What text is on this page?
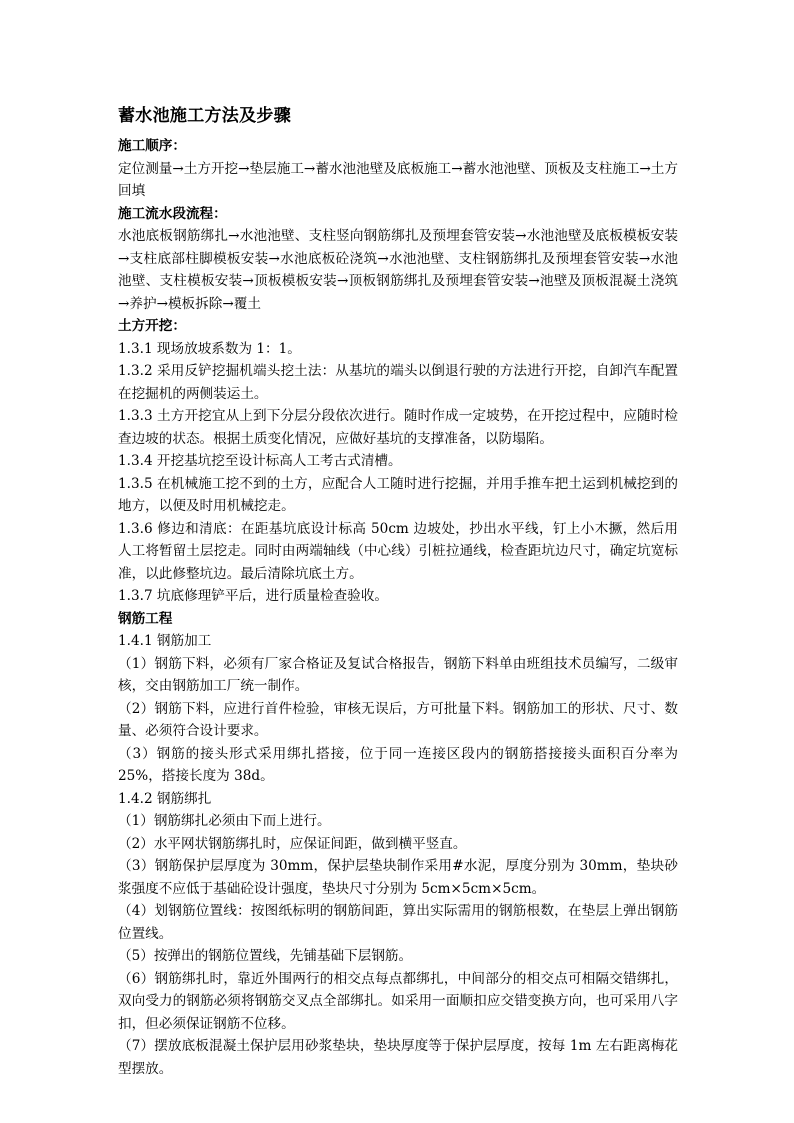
蓄水池施工方法及步骤
施工顺序：
定位测量→土方开挖→垫层施工→蓄水池池壁及底板施工→蓄水池池壁、顶板及支柱施工→土方回填
施工流水段流程：
水池底板钢筋绑扎→水池池壁、支柱竖向钢筋绑扎及预埋套管安装→水池池壁及底板模板安装→支柱底部柱脚模板安装→水池底板砼浇筑→水池池壁、支柱钢筋绑扎及预埋套管安装→水池池壁、支柱模板安装→顶板模板安装→顶板钢筋绑扎及预埋套管安装→池壁及顶板混凝土浇筑→养护→模板拆除→覆土
土方开挖：
1.3.1 现场放坡系数为 1：1。
1.3.2 采用反铲挖掘机端头挖土法：从基坑的端头以倒退行驶的方法进行开挖，自卸汽车配置在挖掘机的两侧装运土。
1.3.3 土方开挖宜从上到下分层分段依次进行。随时作成一定坡势，在开挖过程中，应随时检查边坡的状态。根据土质变化情况，应做好基坑的支撑准备，以防塌陷。
1.3.4 开挖基坑挖至设计标高人工考古式清槽。
1.3.5 在机械施工挖不到的土方，应配合人工随时进行挖掘，并用手推车把土运到机械挖到的地方，以便及时用机械挖走。
1.3.6 修边和清底：在距基坑底设计标高 50cm 边坡处，抄出水平线，钉上小木撅，然后用人工将暂留土层挖走。同时由两端轴线（中心线）引桩拉通线，检查距坑边尺寸，确定坑宽标准，以此修整坑边。最后清除坑底土方。
1.3.7 坑底修理铲平后，进行质量检查验收。
钢筋工程
1.4.1 钢筋加工
（1）钢筋下料，必须有厂家合格证及复试合格报告，钢筋下料单由班组技术员编写，二级审核，交由钢筋加工厂统一制作。
（2）钢筋下料，应进行首件检验，审核无误后，方可批量下料。钢筋加工的形状、尺寸、数量、必须符合设计要求。
（3）钢筋的接头形式采用绑扎搭接，位于同一连接区段内的钢筋搭接接头面积百分率为 25%，搭接长度为 38d。
1.4.2 钢筋绑扎
（1）钢筋绑扎必须由下而上进行。
（2）水平网状钢筋绑扎时，应保证间距，做到横平竖直。
（3）钢筋保护层厚度为 30mm，保护层垫块制作采用#水泥，厚度分别为 30mm，垫块砂浆强度不应低于基础砼设计强度，垫块尺寸分别为 5cm×5cm×5cm。
（4）划钢筋位置线：按图纸标明的钢筋间距，算出实际需用的钢筋根数，在垫层上弹出钢筋位置线。
（5）按弹出的钢筋位置线，先铺基础下层钢筋。
（6）钢筋绑扎时，靠近外围两行的相交点每点都绑扎，中间部分的相交点可相隔交错绑扎，双向受力的钢筋必须将钢筋交叉点全部绑扎。如采用一面顺扣应交错变换方向，也可采用八字扣，但必须保证钢筋不位移。
（7）摆放底板混凝土保护层用砂浆垫块，垫块厚度等于保护层厚度，按每 1m 左右距离梅花型摆放。
